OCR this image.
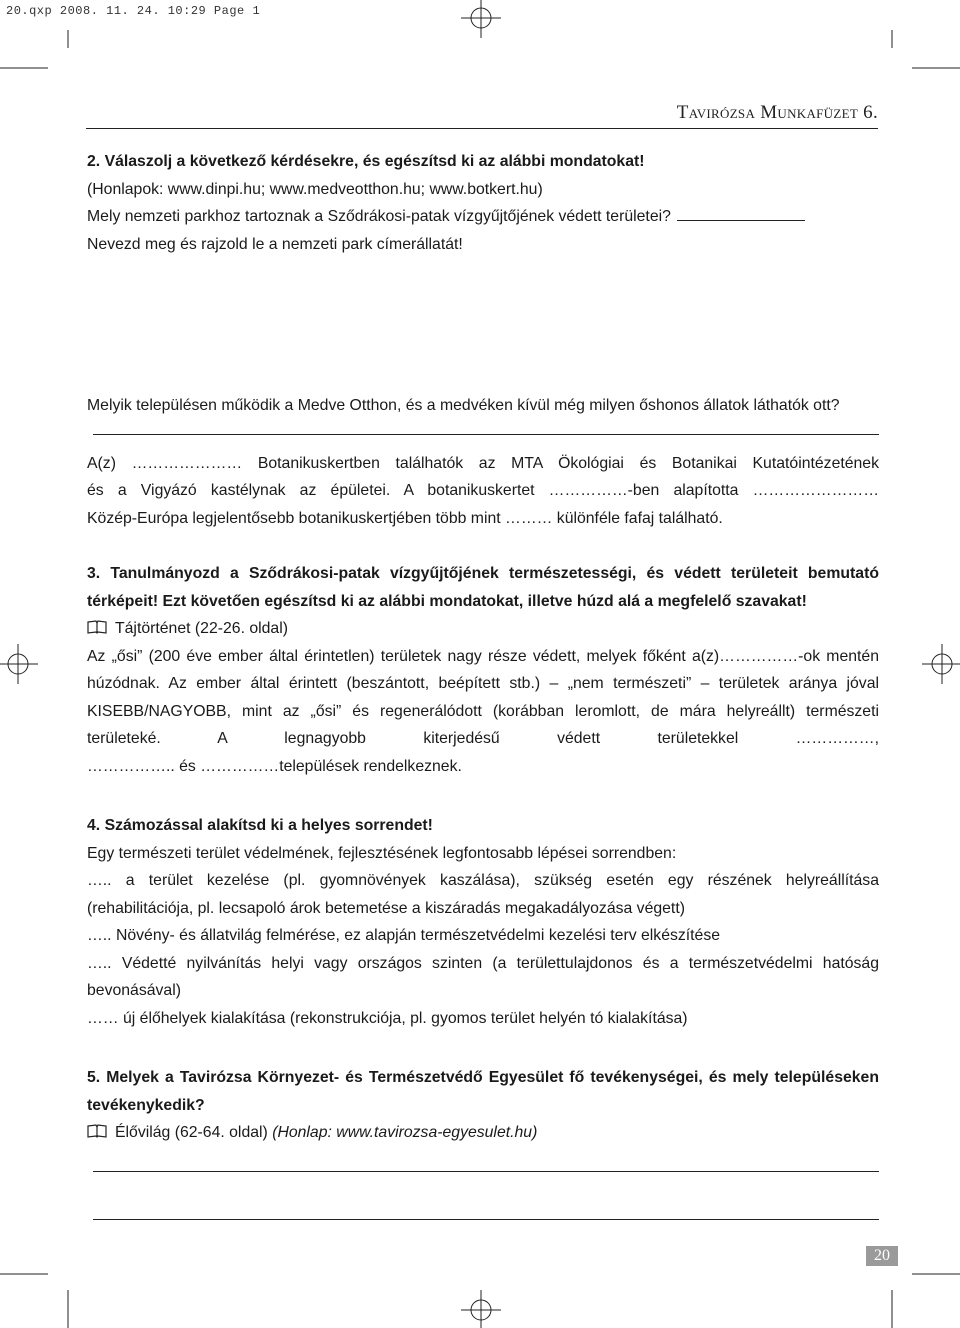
20.qxp 2008. 11. 24. 10:29 Page 1
Tavirózsa Munkafüzet 6.

2. Válaszolj a következő kérdésekre, és egészítsd ki az alábbi mondatokat!

(Honlapok: www.dinpi.hu; www.medveotthon.hu; www.botkert.hu)

Mely nemzeti parkhoz tartoznak a Sződrákosi-patak vízgyűjtőjének védett területei?

Nevezd meg és rajzold le a nemzeti park címerállatát!

Melyik településen működik a Medve Otthon, és a medvéken kívül még milyen őshonos állatok láthatók ott?

A(z) ………………… Botanikuskertben találhatók az MTA Ökológiai és Botanikai Kutatóintézetének

és a Vigyázó kastélynak az épületei. A botanikuskertet ……………-ben alapította ……………………

Közép-Európa legjelentősebb botanikuskertjében több mint ……… különféle fafaj található.

3. Tanulmányozd a Sződrákosi-patak vízgyűjtőjének természetességi, és védett területeit bemutató térképeit! Ezt követően egészítsd ki az alábbi mondatokat, illetve húzd alá a megfelelő szavakat!

Tájtörténet (22-26. oldal)

Az „ősi” (200 éve ember által érintetlen) területek nagy része védett, melyek főként a(z)……………-ok mentén húzódnak. Az ember által érintett (beszántott, beépített stb.) – „nem természeti” – területek aránya jóval KISEBB/NAGYOBB, mint az „ősi” és regenerálódott (korábban leromlott, de mára helyreállt) természeti területeké. A legnagyobb kiterjedésű védett területekkel ……………,

…………….. és ……………települések rendelkeznek.

4. Számozással alakítsd ki a helyes sorrendet!

Egy természeti terület védelmének, fejlesztésének legfontosabb lépései sorrendben:

….. a terület kezelése (pl. gyomnövények kaszálása), szükség esetén egy részének helyreállítása (rehabilitációja, pl. lecsapoló árok betemetése a kiszáradás megakadályozása végett)

….. Növény- és állatvilág felmérése, ez alapján természetvédelmi kezelési terv elkészítése

….. Védetté nyilvánítás helyi vagy országos szinten (a területtulajdonos és a természetvédelmi hatóság bevonásával)

…… új élőhelyek kialakítása (rekonstrukciója, pl. gyomos terület helyén tó kialakítása)

5. Melyek a Tavirózsa Környezet- és Természetvédő Egyesület fő tevékenységei, és mely településeken tevékenykedik?

Élővilág (62-64. oldal) (Honlap: www.tavirozsa-egyesulet.hu)

20
